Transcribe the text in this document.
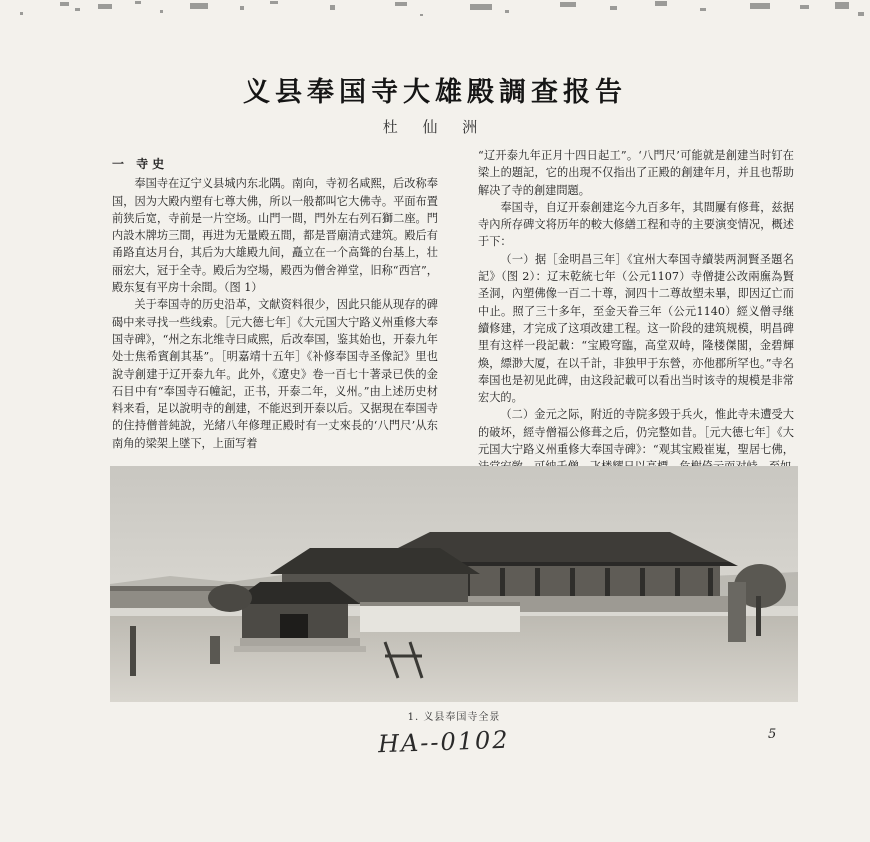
义县奉国寺大雄殿調查报告
杜 仙 洲

一 寺史

奉国寺在辽宁义县城内东北隅。南向，寺初名咸熙，后改称奉国，因为大殿内塑有七尊大佛，所以一般都叫它大佛寺。平面布置前狭后宽，寺前是一片空场。山門一間，門外左右列石獅二座。門内設木牌坊三間，再进为无量殿五間，都是晋廟清式建筑。殿后有甬路直达月台，其后为大雄殿九间，矗立在一个高聳的台基上，壮丽宏大，冠于全寺。殿后为空場，殿西为僧舍禅堂，旧称“西宫”，殿东复有平房十余間。（图 1）

关于奉国寺的历史沿革，文献资料很少，因此只能从现存的碑碣中来寻找一些线索。［元大德七年］《大元国大宁路义州重修大奉国寺碑》，“州之东北维寺曰咸熙，后改奉国，鉴其始也，开泰九年处士焦希賓創其基”。［明嘉靖十五年］《补修奉国寺圣像記》里也說寺創建于辽开泰九年。此外，《遼史》卷一百七十著录已佚的金石目中有“奉国寺石幢記，正书，开泰二年，义州。”由上述历史材料来看，足以說明寺的創建，不能迟到开泰以后。又据現在奉国寺的住持僧普純說，光緒八年修理正殿时有一丈來長的‘八門尺’从东南角的梁架上墜下，上面写着

“辽开泰九年正月十四日起工”。‘八門尺’可能就是創建当时钉在梁上的題記，它的出現不仅指出了正殿的創建年月，并且也帮助解决了寺的創建問題。

奉国寺，自辽开泰創建迄今九百多年，其間屢有修葺，兹据寺內所存碑文将历年的較大修繕工程和寺的主要演变情况，概述于下：

（一）据［金明昌三年］《宜州大奉国寺續裝两洞賢圣題名記》（图 2）：辽末乾統七年（公元1107）寺僧捷公改兩廡為賢圣洞，內塑佛像一百二十尊，洞四十二尊故塑未畢，即因辽亡而中止。照了三十多年，至金天眷三年（公元1140）經义僧寻继續修建，才完成了这項改建工程。这一阶段的建筑规模，明昌碑里有这样一段記載：“宝殿穹臨，高堂双峙，隆楼傑閣，金碧輝煥，縹渺大厦，在以千計，非独甲于东營，亦他郡所罕也。”寺名奉国也是初见此碑，由这段記載可以看出当时该寺的規模是非常宏大的。

（二）金元之际，附近的寺院多毁于兵火，惟此寺未遭受大的破坏，經寺僧福公修葺之后，仍完整如昔。［元大德七年］《大元国大宁路义州重修大奉国寺碑》：“观其宝殿崔嵬，聖居七佛，

1. 义县奉国寺全景
HA--0102	5
